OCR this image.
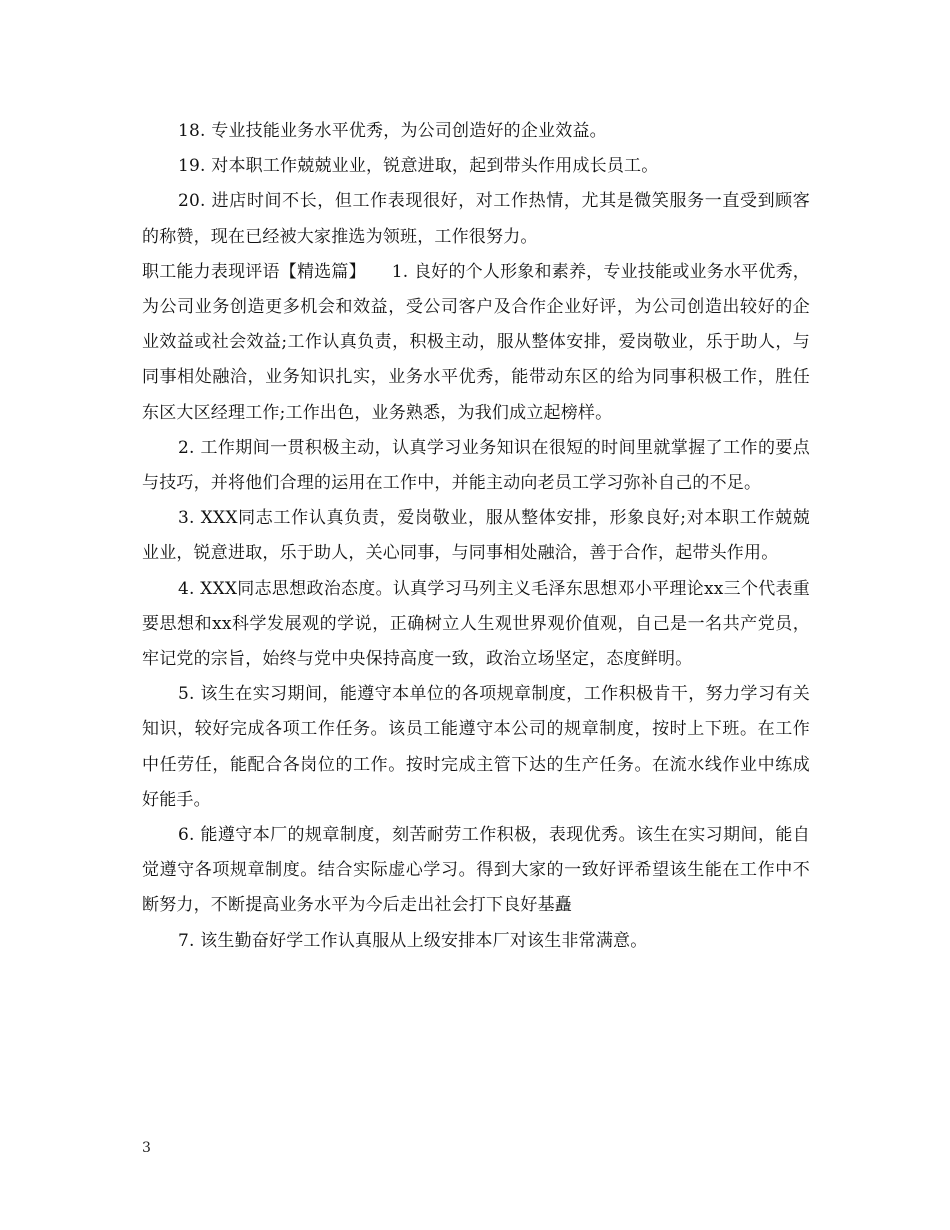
18. 专业技能业务水平优秀，为公司创造好的企业效益。

19. 对本职工作兢兢业业，锐意进取，起到带头作用成长员工。

20. 进店时间不长，但工作表现很好，对工作热情，尤其是微笑服务一直受到顾客的称赞，现在已经被大家推选为领班，工作很努力。

职工能力表现评语【精选篇】　　1. 良好的个人形象和素养，专业技能或业务水平优秀，为公司业务创造更多机会和效益，受公司客户及合作企业好评，为公司创造出较好的企业效益或社会效益;工作认真负责，积极主动，服从整体安排，爱岗敬业，乐于助人，与同事相处融洽，业务知识扎实，业务水平优秀，能带动东区的给为同事积极工作，胜任东区大区经理工作;工作出色，业务熟悉，为我们成立起榜样。

2. 工作期间一贯积极主动，认真学习业务知识在很短的时间里就掌握了工作的要点与技巧，并将他们合理的运用在工作中，并能主动向老员工学习弥补自己的不足。

3. XXX同志工作认真负责，爱岗敬业，服从整体安排，形象良好;对本职工作兢兢业业，锐意进取，乐于助人，关心同事，与同事相处融洽，善于合作，起带头作用。

4. XXX同志思想政治态度。认真学习马列主义毛泽东思想邓小平理论xx三个代表重要思想和xx科学发展观的学说，正确树立人生观世界观价值观，自己是一名共产党员，牢记党的宗旨，始终与党中央保持高度一致，政治立场坚定，态度鲜明。

5. 该生在实习期间，能遵守本单位的各项规章制度，工作积极肯干，努力学习有关知识，较好完成各项工作任务。该员工能遵守本公司的规章制度，按时上下班。在工作中任劳任，能配合各岗位的工作。按时完成主管下达的生产任务。在流水线作业中练成好能手。

6. 能遵守本厂的规章制度，刻苦耐劳工作积极，表现优秀。该生在实习期间，能自觉遵守各项规章制度。结合实际虚心学习。得到大家的一致好评希望该生能在工作中不断努力，不断提高业务水平为今后走出社会打下良好基矗

7. 该生勤奋好学工作认真服从上级安排本厂对该生非常满意。

3
